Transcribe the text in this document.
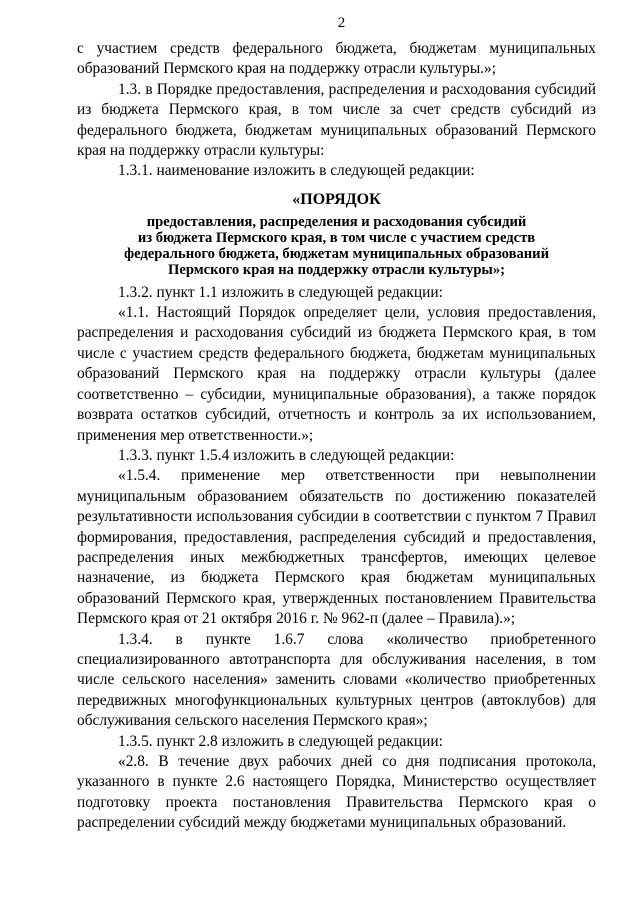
2

с участием средств федерального бюджета, бюджетам муниципальных образований Пермского края на поддержку отрасли культуры.»;

1.3. в Порядке предоставления, распределения и расходования субсидий из бюджета Пермского края, в том числе за счет средств субсидий из федерального бюджета, бюджетам муниципальных образований Пермского края на поддержку отрасли культуры:

1.3.1. наименование изложить в следующей редакции:

«ПОРЯДОК
предоставления, распределения и расходования субсидий
из бюджета Пермского края, в том числе с участием средств
федерального бюджета, бюджетам муниципальных образований
Пермского края на поддержку отрасли культуры»;

1.3.2. пункт 1.1 изложить в следующей редакции:

«1.1. Настоящий Порядок определяет цели, условия предоставления, распределения и расходования субсидий из бюджета Пермского края, в том числе с участием средств федерального бюджета, бюджетам муниципальных образований Пермского края на поддержку отрасли культуры (далее соответственно – субсидии, муниципальные образования), а также порядок возврата остатков субсидий, отчетность и контроль за их использованием, применения мер ответственности.»;

1.3.3. пункт 1.5.4 изложить в следующей редакции:

«1.5.4. применение мер ответственности при невыполнении муниципальным образованием обязательств по достижению показателей результативности использования субсидии в соответствии с пунктом 7 Правил формирования, предоставления, распределения субсидий и предоставления, распределения иных межбюджетных трансфертов, имеющих целевое назначение, из бюджета Пермского края бюджетам муниципальных образований Пермского края, утвержденных постановлением Правительства Пермского края от 21 октября 2016 г. № 962-п (далее – Правила).»;

1.3.4. в пункте 1.6.7 слова «количество приобретенного специализированного автотранспорта для обслуживания населения, в том числе сельского населения» заменить словами «количество приобретенных передвижных многофункциональных культурных центров (автоклубов) для обслуживания сельского населения Пермского края»;

1.3.5. пункт 2.8 изложить в следующей редакции:

«2.8. В течение двух рабочих дней со дня подписания протокола, указанного в пункте 2.6 настоящего Порядка, Министерство осуществляет подготовку проекта постановления Правительства Пермского края о распределении субсидий между бюджетами муниципальных образований.
